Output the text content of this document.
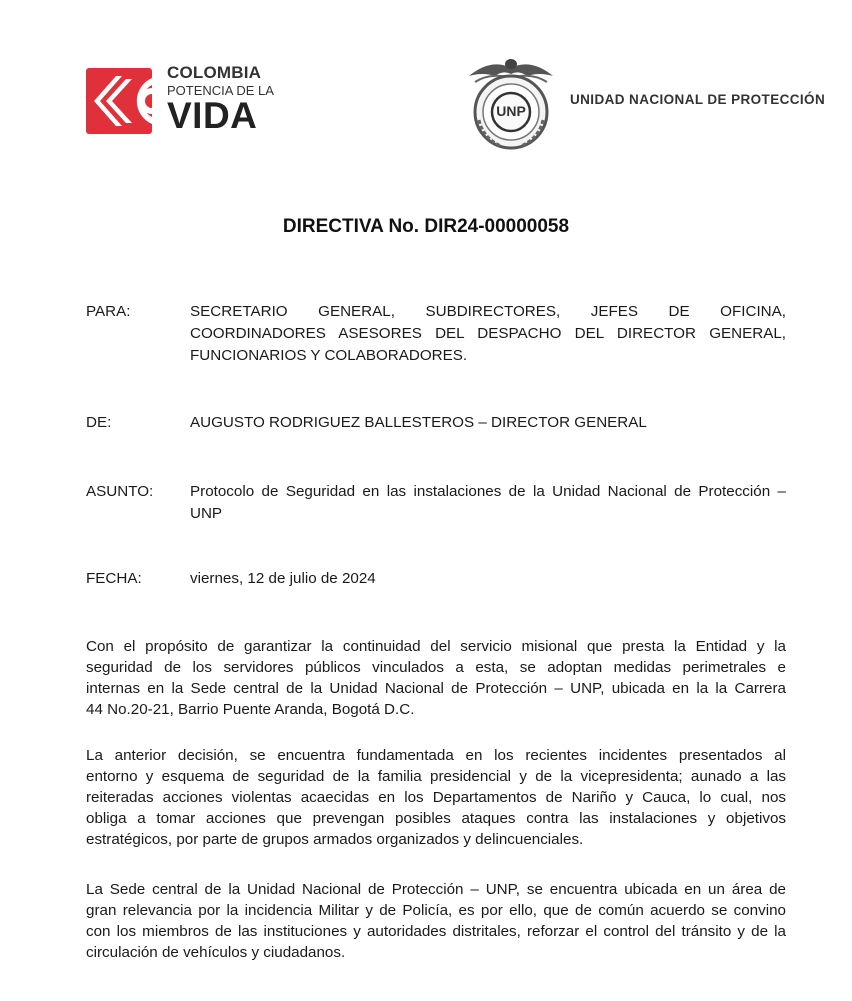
COLOMBIA
POTENCIA DE LA
VIDA	UNP
UNIDAD NACIONAL DE PROTECCIÓN
DIRECTIVA No. DIR24-00000058
PARA:	SECRETARIO GENERAL, SUBDIRECTORES, JEFES DE OFICINA,
COORDINADORES ASESORES DEL DESPACHO DEL DIRECTOR GENERAL,
FUNCIONARIOS Y COLABORADORES.
DE:	AUGUSTO RODRIGUEZ BALLESTEROS – DIRECTOR GENERAL
ASUNTO: Protocolo de Seguridad en las instalaciones de la Unidad Nacional de Protección –
UNP
FECHA:	viernes, 12 de julio de 2024
Con el propósito de garantizar la continuidad del servicio misional que presta la Entidad y la
seguridad de los servidores públicos vinculados a esta, se adoptan medidas perimetrales e
internas en la Sede central de la Unidad Nacional de Protección – UNP, ubicada en la la Carrera
44 No.20-21, Barrio Puente Aranda, Bogotá D.C.
La anterior decisión, se encuentra fundamentada en los recientes incidentes presentados al
entorno y esquema de seguridad de la familia presidencial y de la vicepresidenta; aunado a las
reiteradas acciones violentas acaecidas en los Departamentos de Nariño y Cauca, lo cual, nos
obliga a tomar acciones que prevengan posibles ataques contra las instalaciones y objetivos
estratégicos, por parte de grupos armados organizados y delincuenciales.
La Sede central de la Unidad Nacional de Protección – UNP, se encuentra ubicada en un área de
gran relevancia por la incidencia Militar y de Policía, es por ello, que de común acuerdo se convino
con los miembros de las instituciones y autoridades distritales, reforzar el control del tránsito y de la
circulación de vehículos y ciudadanos.
